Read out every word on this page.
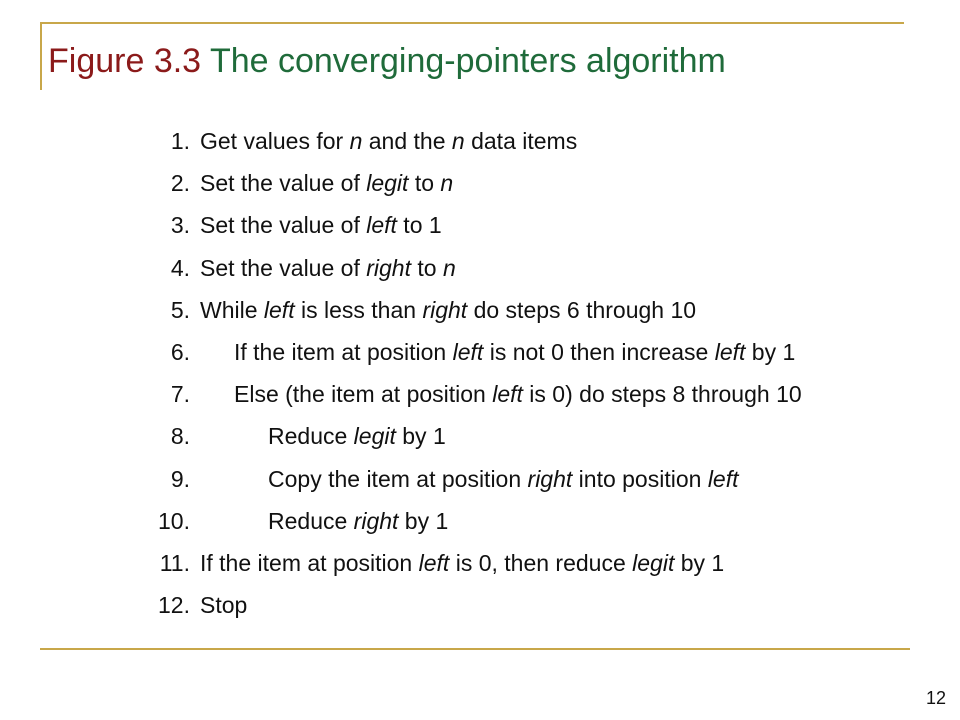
Figure 3.3 The converging-pointers algorithm
1. Get values for n and the n data items
2. Set the value of legit to n
3. Set the value of left to 1
4. Set the value of right to n
5. While left is less than right do steps 6 through 10
6.	If the item at position left is not 0 then increase left by 1
7.	Else (the item at position left is 0) do steps 8 through 10
8.	Reduce legit by 1
9.	Copy the item at position right into position left
10.	Reduce right by 1
11. If the item at position left is 0, then reduce legit by 1
12. Stop
12
